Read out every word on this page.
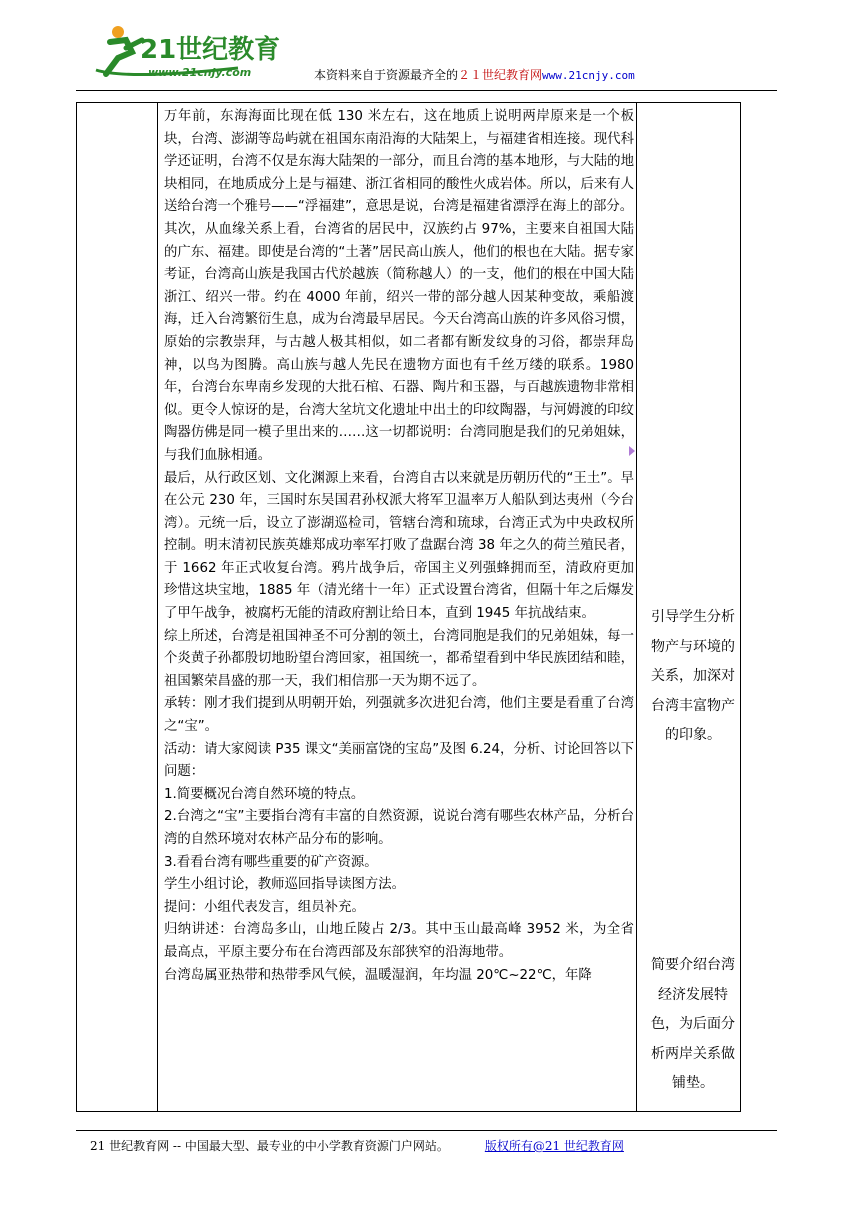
21世纪教育
www.21cnjy.com	本资料来自于资源最齐全的２１世纪教育网www.21cnjy.com

万年前，东海海面比现在低 130 米左右，这在地质上说明两岸原来是一个板块，台湾、澎湖等岛屿就在祖国东南沿海的大陆架上，与福建省相连接。现代科学还证明，台湾不仅是东海大陆架的一部分，而且台湾的基本地形，与大陆的地块相同，在地质成分上是与福建、浙江省相同的酸性火成岩体。所以，后来有人送给台湾一个雅号——“浮福建”，意思是说，台湾是福建省漂浮在海上的部分。

其次，从血缘关系上看，台湾省的居民中，汉族约占 97%，主要来自祖国大陆的广东、福建。即使是台湾的“土著”居民高山族人，他们的根也在大陆。据专家考证，台湾高山族是我国古代於越族（简称越人）的一支，他们的根在中国大陆浙江、绍兴一带。约在 4000 年前，绍兴一带的部分越人因某种变故，乘船渡海，迁入台湾繁衍生息，成为台湾最早居民。今天台湾高山族的许多风俗习惯，原始的宗教崇拜，与古越人极其相似，如二者都有断发纹身的习俗，都崇拜岛神，以鸟为图腾。高山族与越人先民在遗物方面也有千丝万缕的联系。1980 年，台湾台东卑南乡发现的大批石棺、石器、陶片和玉器，与百越族遗物非常相似。更令人惊讶的是，台湾大坌坑文化遗址中出土的印纹陶器，与河姆渡的印纹陶器仿佛是同一模子里出来的……这一切都说明：台湾同胞是我们的兄弟姐妹，与我们血脉相通。

最后，从行政区划、文化渊源上来看，台湾自古以来就是历朝历代的“王土”。早在公元 230 年，三国时东吴国君孙权派大将军卫温率万人船队到达夷州（今台湾）。元统一后，设立了澎湖巡检司，管辖台湾和琉球，台湾正式为中央政权所控制。明末清初民族英雄郑成功率军打败了盘踞台湾 38 年之久的荷兰殖民者，于 1662 年正式收复台湾。鸦片战争后，帝国主义列强蜂拥而至，清政府更加珍惜这块宝地，1885 年（清光绪十一年）正式设置台湾省，但隔十年之后爆发了甲午战争，被腐朽无能的清政府割让给日本，直到 1945 年抗战结束。

综上所述，台湾是祖国神圣不可分割的领土，台湾同胞是我们的兄弟姐妹，每一个炎黄子孙都殷切地盼望台湾回家，祖国统一，都希望看到中华民族团结和睦，祖国繁荣昌盛的那一天，我们相信那一天为期不远了。

承转：刚才我们提到从明朝开始，列强就多次进犯台湾，他们主要是看重了台湾之“宝”。

活动：请大家阅读 P35 课文“美丽富饶的宝岛”及图 6.24，分析、讨论回答以下问题：

1.简要概况台湾自然环境的特点。

2.台湾之“宝”主要指台湾有丰富的自然资源，说说台湾有哪些农林产品，分析台湾的自然环境对农林产品分布的影响。

3.看看台湾有哪些重要的矿产资源。

学生小组讨论，教师巡回指导读图方法。

提问：小组代表发言，组员补充。

归纳讲述：台湾岛多山，山地丘陵占 2/3。其中玉山最高峰 3952 米，为全省最高点，平原主要分布在台湾西部及东部狭窄的沿海地带。

台湾岛属亚热带和热带季风气候，温暖湿润，年均温 20℃~22℃，年降

引导学生分析物产与环境的关系，加深对台湾丰富物产的印象。
简要介绍台湾经济发展特色，为后面分析两岸关系做铺垫。
21 世纪教育网 -- 中国最大型、最专业的中小学教育资源门户网站。	版权所有@21 世纪教育网
